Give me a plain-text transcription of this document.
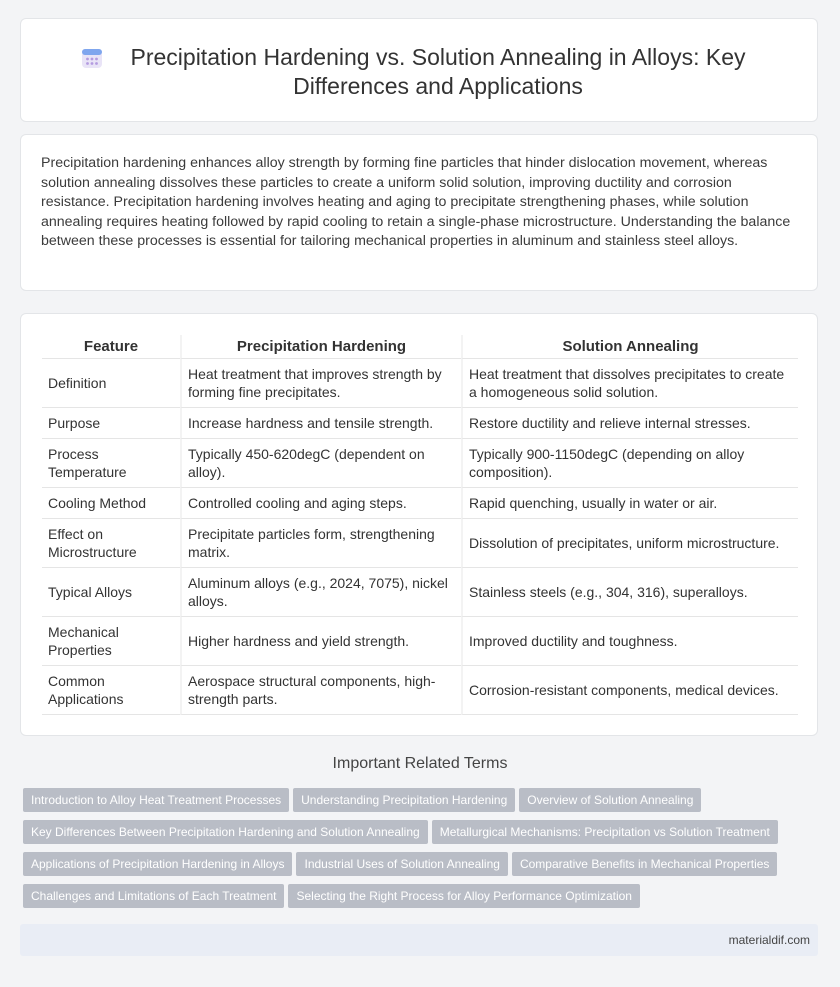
Precipitation Hardening vs. Solution Annealing in Alloys: Key Differences and Applications

Precipitation hardening enhances alloy strength by forming fine particles that hinder dislocation movement, whereas solution annealing dissolves these particles to create a uniform solid solution, improving ductility and corrosion resistance. Precipitation hardening involves heating and aging to precipitate strengthening phases, while solution annealing requires heating followed by rapid cooling to retain a single-phase microstructure. Understanding the balance between these processes is essential for tailoring mechanical properties in aluminum and stainless steel alloys.

Feature	Precipitation Hardening	Solution Annealing
Definition	Heat treatment that improves strength by forming fine precipitates.	Heat treatment that dissolves precipitates to create a homogeneous solid solution.
Purpose	Increase hardness and tensile strength.	Restore ductility and relieve internal stresses.
Process Temperature	Typically 450-620degC (dependent on alloy).	Typically 900-1150degC (depending on alloy composition).
Cooling Method	Controlled cooling and aging steps.	Rapid quenching, usually in water or air.
Effect on Microstructure	Precipitate particles form, strengthening matrix.	Dissolution of precipitates, uniform microstructure.
Typical Alloys	Aluminum alloys (e.g., 2024, 7075), nickel alloys.	Stainless steels (e.g., 304, 316), superalloys.
Mechanical Properties	Higher hardness and yield strength.	Improved ductility and toughness.
Common Applications	Aerospace structural components, high-strength parts.	Corrosion-resistant components, medical devices.
Important Related Terms
Introduction to Alloy Heat Treatment Processes Understanding Precipitation Hardening Overview of Solution Annealing
Key Differences Between Precipitation Hardening and Solution Annealing Metallurgical Mechanisms: Precipitation vs Solution Treatment
Applications of Precipitation Hardening in Alloys Industrial Uses of Solution Annealing Comparative Benefits in Mechanical Properties
Challenges and Limitations of Each Treatment Selecting the Right Process for Alloy Performance Optimization
materialdif.com
